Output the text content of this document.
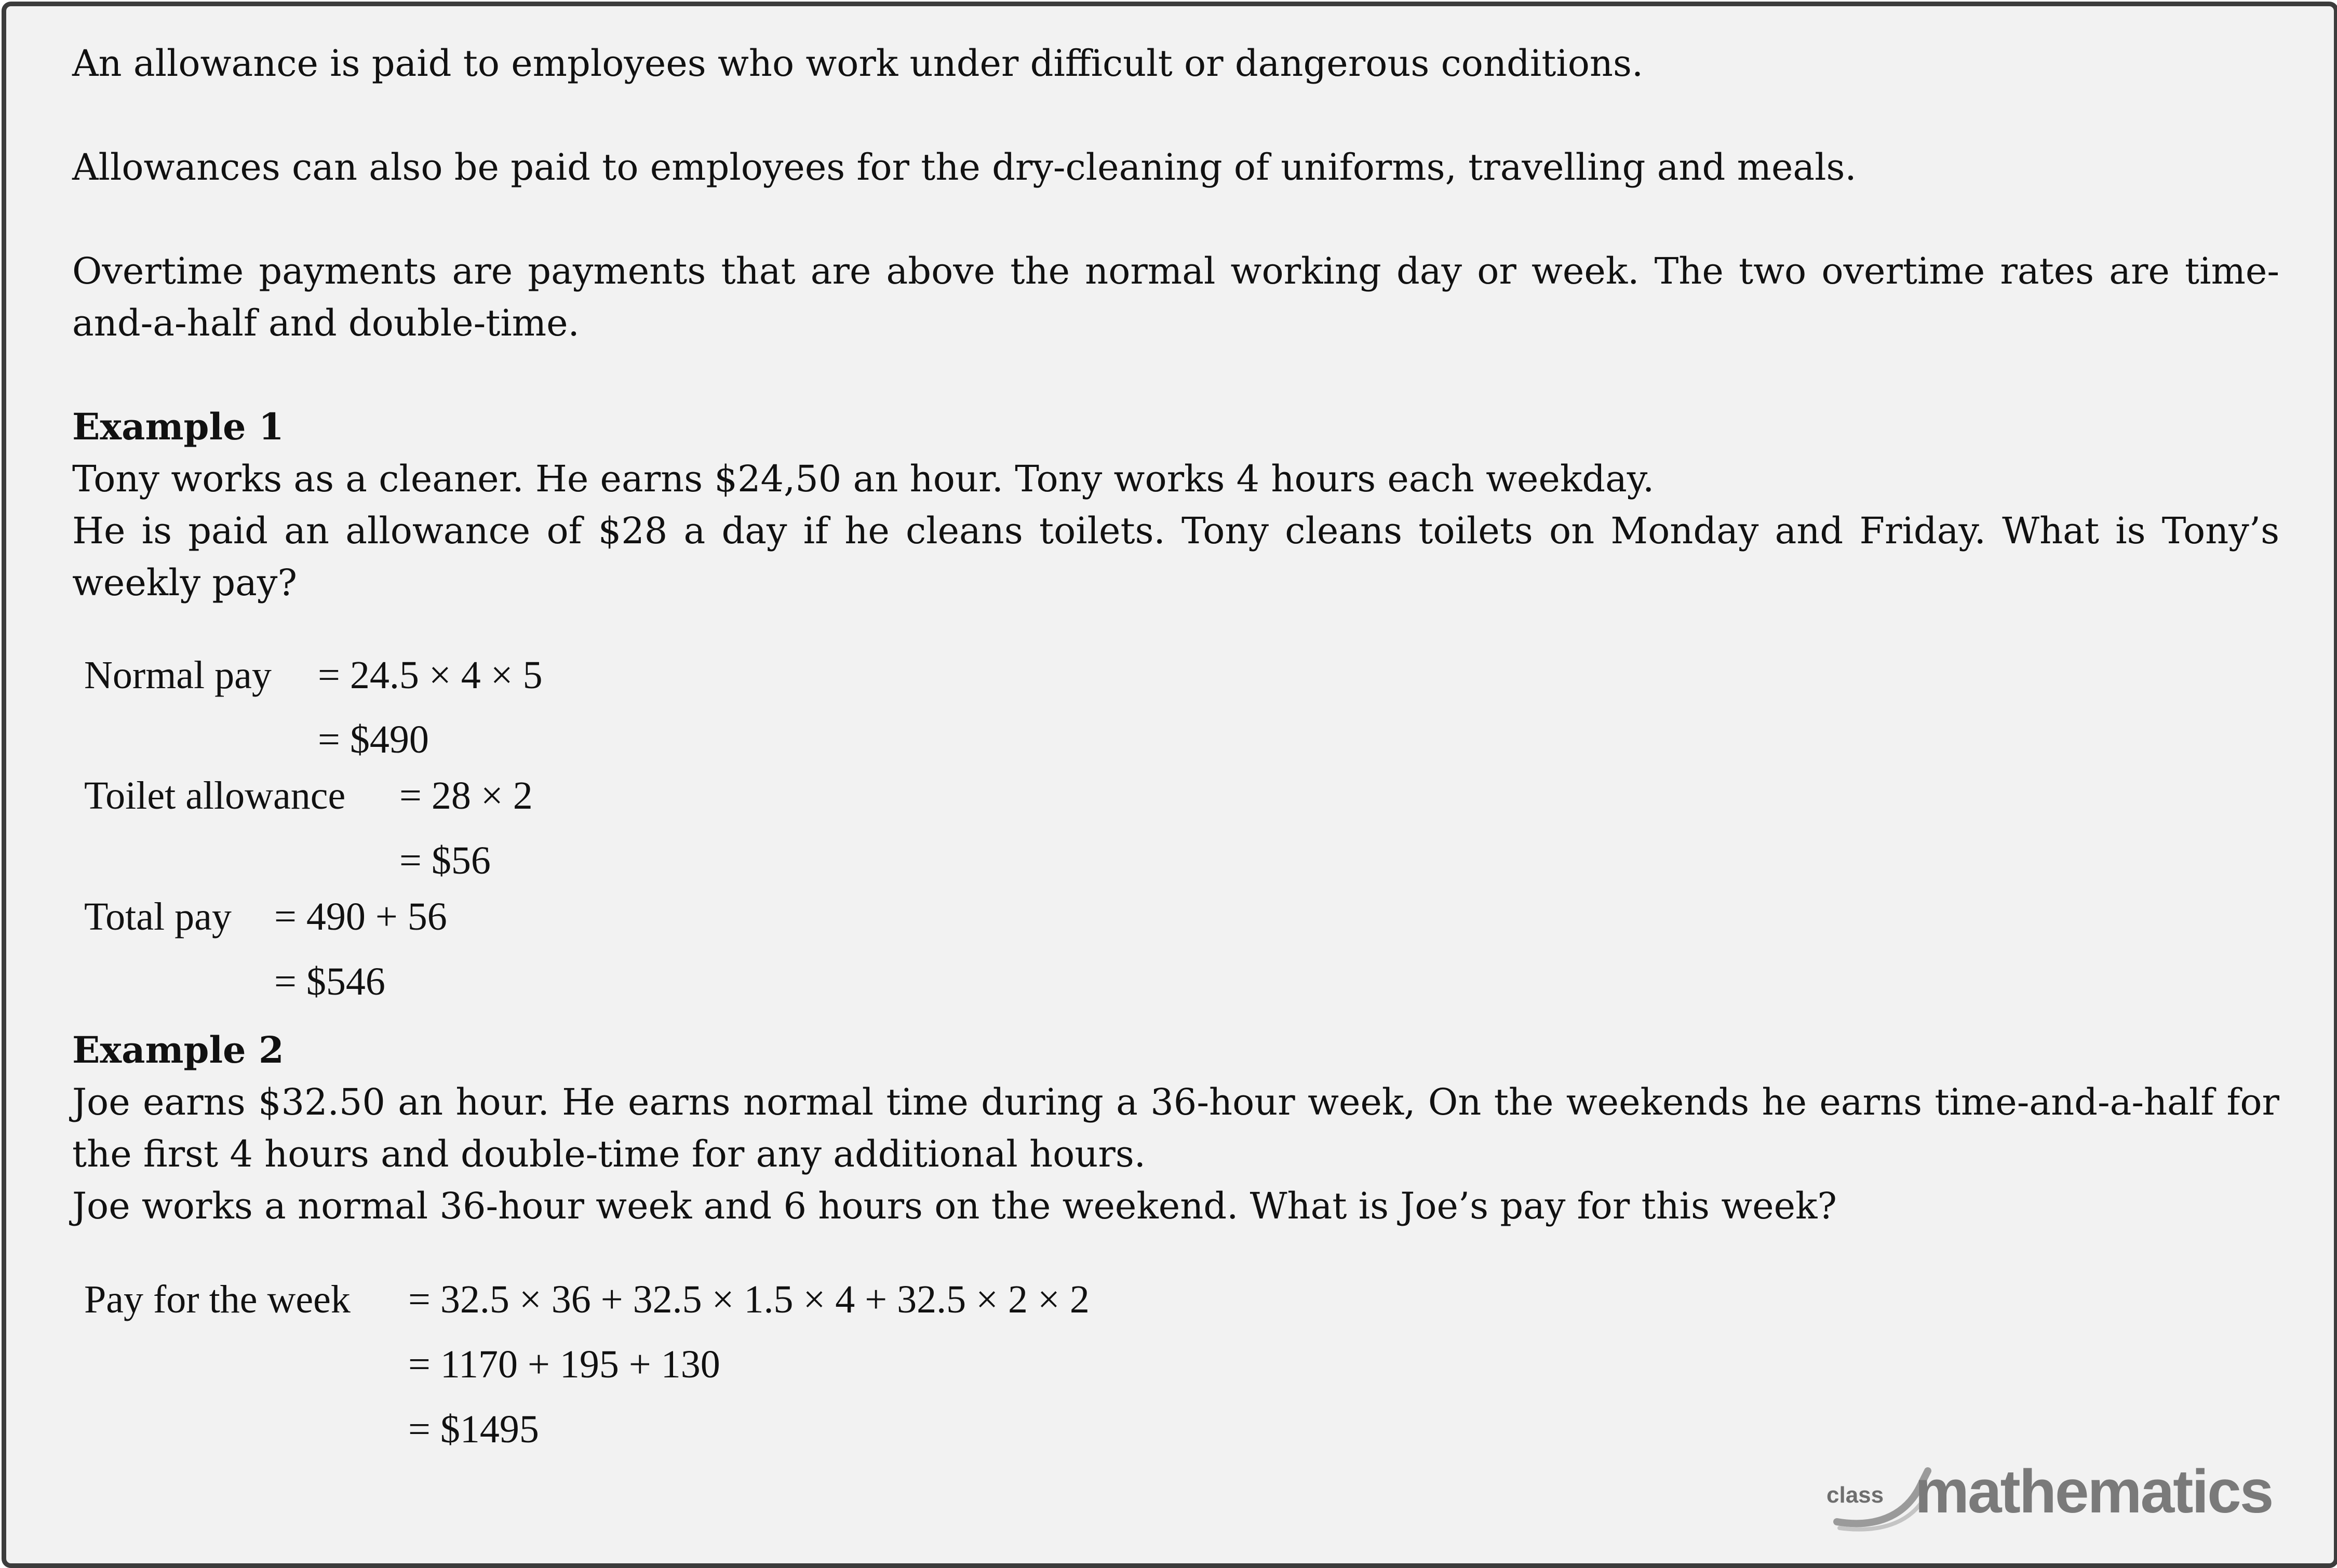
An allowance is paid to employees who work under difficult or dangerous conditions.

Allowances can also be paid to employees for the dry-cleaning of uniforms, travelling and meals.

Overtime payments are payments that are above the normal working day or week. The two overtime rates are time-and-a-half and double-time.

Example 1

Tony works as a cleaner. He earns $24,50 an hour. Tony works 4 hours each weekday.

He is paid an allowance of $28 a day if he cleans toilets. Tony cleans toilets on Monday and Friday. What is Tony’s weekly pay?

Normal pay = 24.5 × 4 × 5

= $490

Toilet allowance = 28 × 2

= $56

Total pay = 490 + 56

= $546

Example 2

Joe earns $32.50 an hour. He earns normal time during a 36-hour week, On the weekends he earns time-and-a-half for the first 4 hours and double-time for any additional hours.

Joe works a normal 36-hour week and 6 hours on the weekend. What is Joe’s pay for this week?

Pay for the week = 32.5 × 36 + 32.5 × 1.5 × 4 + 32.5 × 2 × 2

= 1170 + 195 + 130

= $1495

class mathematics
